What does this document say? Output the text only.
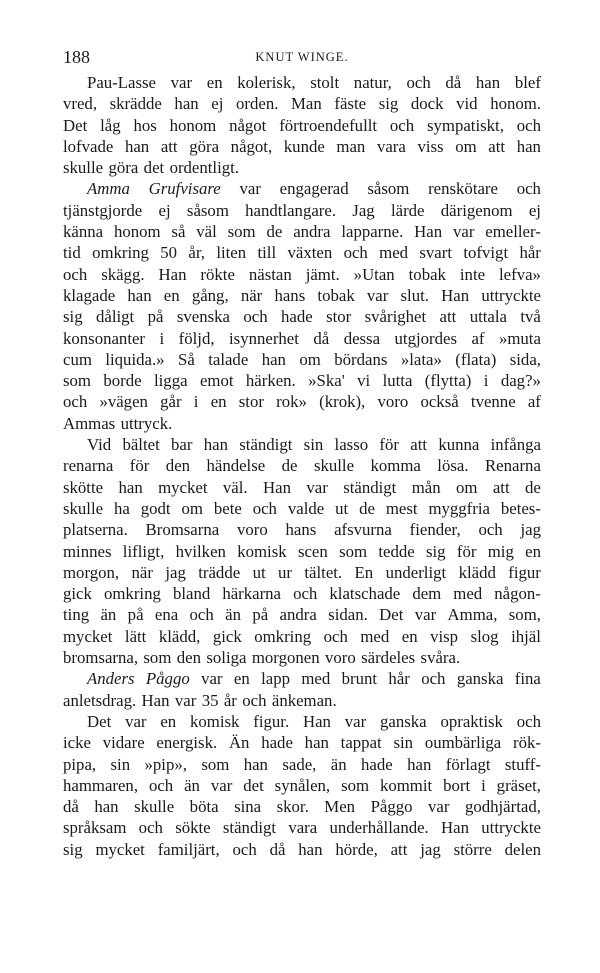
188	KNUT WINGE.
Pau-Lasse var en kolerisk, stolt natur, och då han blef
vred, skrädde han ej orden. Man fäste sig dock vid honom.
Det låg hos honom något förtroendefullt och sympatiskt, och
lofvade han att göra något, kunde man vara viss om att han
skulle göra det ordentligt.
Amma Grufvisare var engagerad såsom renskötare och
tjänstgjorde ej såsom handtlangare. Jag lärde därigenom ej
känna honom så väl som de andra lapparne. Han var emeller-
tid omkring 50 år, liten till växten och med svart tofvigt hår
och skägg. Han rökte nästan jämt. »Utan tobak inte lefva»
klagade han en gång, när hans tobak var slut. Han uttryckte
sig dåligt på svenska och hade stor svårighet att uttala två
konsonanter i följd, isynnerhet då dessa utgjordes af »muta
cum liquida.» Så talade han om bördans »lata» (flata) sida,
som borde ligga emot härken. »Ska' vi lutta (flytta) i dag?»
och »vägen går i en stor rok» (krok), voro också tvenne af
Ammas uttryck.
Vid bältet bar han ständigt sin lasso för att kunna infånga
renarna för den händelse de skulle komma lösa. Renarna
skötte han mycket väl. Han var ständigt mån om att de
skulle ha godt om bete och valde ut de mest myggfria betes-
platserna. Bromsarna voro hans afsvurna fiender, och jag
minnes lifligt, hvilken komisk scen som tedde sig för mig en
morgon, när jag trädde ut ur tältet. En underligt klädd figur
gick omkring bland härkarna och klatschade dem med någon-
ting än på ena och än på andra sidan. Det var Amma, som,
mycket lätt klädd, gick omkring och med en visp slog ihjäl
bromsarna, som den soliga morgonen voro särdeles svåra.
Anders Påggo var en lapp med brunt hår och ganska fina
anletsdrag. Han var 35 år och änkeman.
Det var en komisk figur. Han var ganska opraktisk och
icke vidare energisk. Än hade han tappat sin oumbärliga rök-
pipa, sin »pip», som han sade, än hade han förlagt stuff-
hammaren, och än var det synålen, som kommit bort i gräset,
då han skulle böta sina skor. Men Påggo var godhjärtad,
språksam och sökte ständigt vara underhållande. Han uttryckte
sig mycket familjärt, och då han hörde, att jag större delen
